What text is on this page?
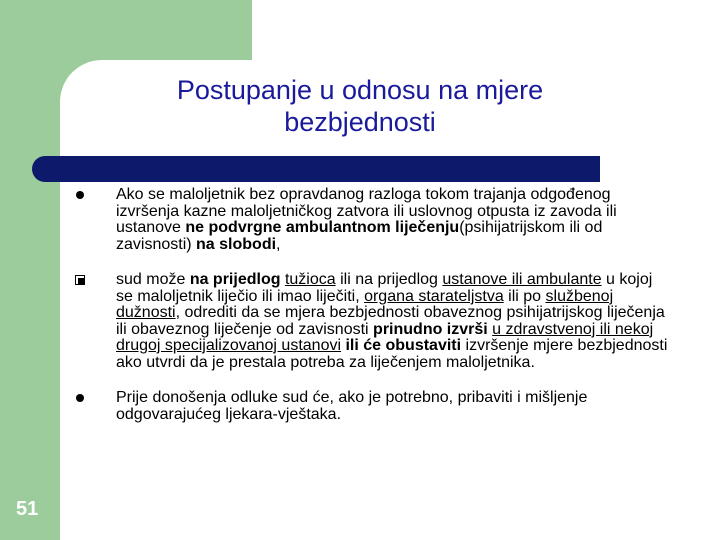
Postupanje u odnosu na mjere
bezbjednosti
51
Ako se maloljetnik bez opravdanog razloga tokom trajanja odgođenog izvršenja kazne maloljetničkog zatvora ili uslovnog otpusta iz zavoda ili ustanove ne podvrgne ambulantnom liječenju(psihijatrijskom ili od zavisnosti) na slobodi,
sud može na prijedlog tužioca ili na prijedlog ustanove ili ambulante u kojoj se maloljetnik liječio ili imao liječiti, organa starateljstva ili po službenoj dužnosti, odrediti da se mjera bezbjednosti obaveznog psihijatrijskog liječenja ili obaveznog liječenje od zavisnosti prinudno izvrši u zdravstvenoj ili nekoj drugoj specijalizovanoj ustanovi ili će obustaviti izvršenje mjere bezbjednosti ako utvrdi da je prestala potreba za liječenjem maloljetnika.
Prije donošenja odluke sud će, ako je potrebno, pribaviti i mišljenje odgovarajućeg ljekara-vještaka.
